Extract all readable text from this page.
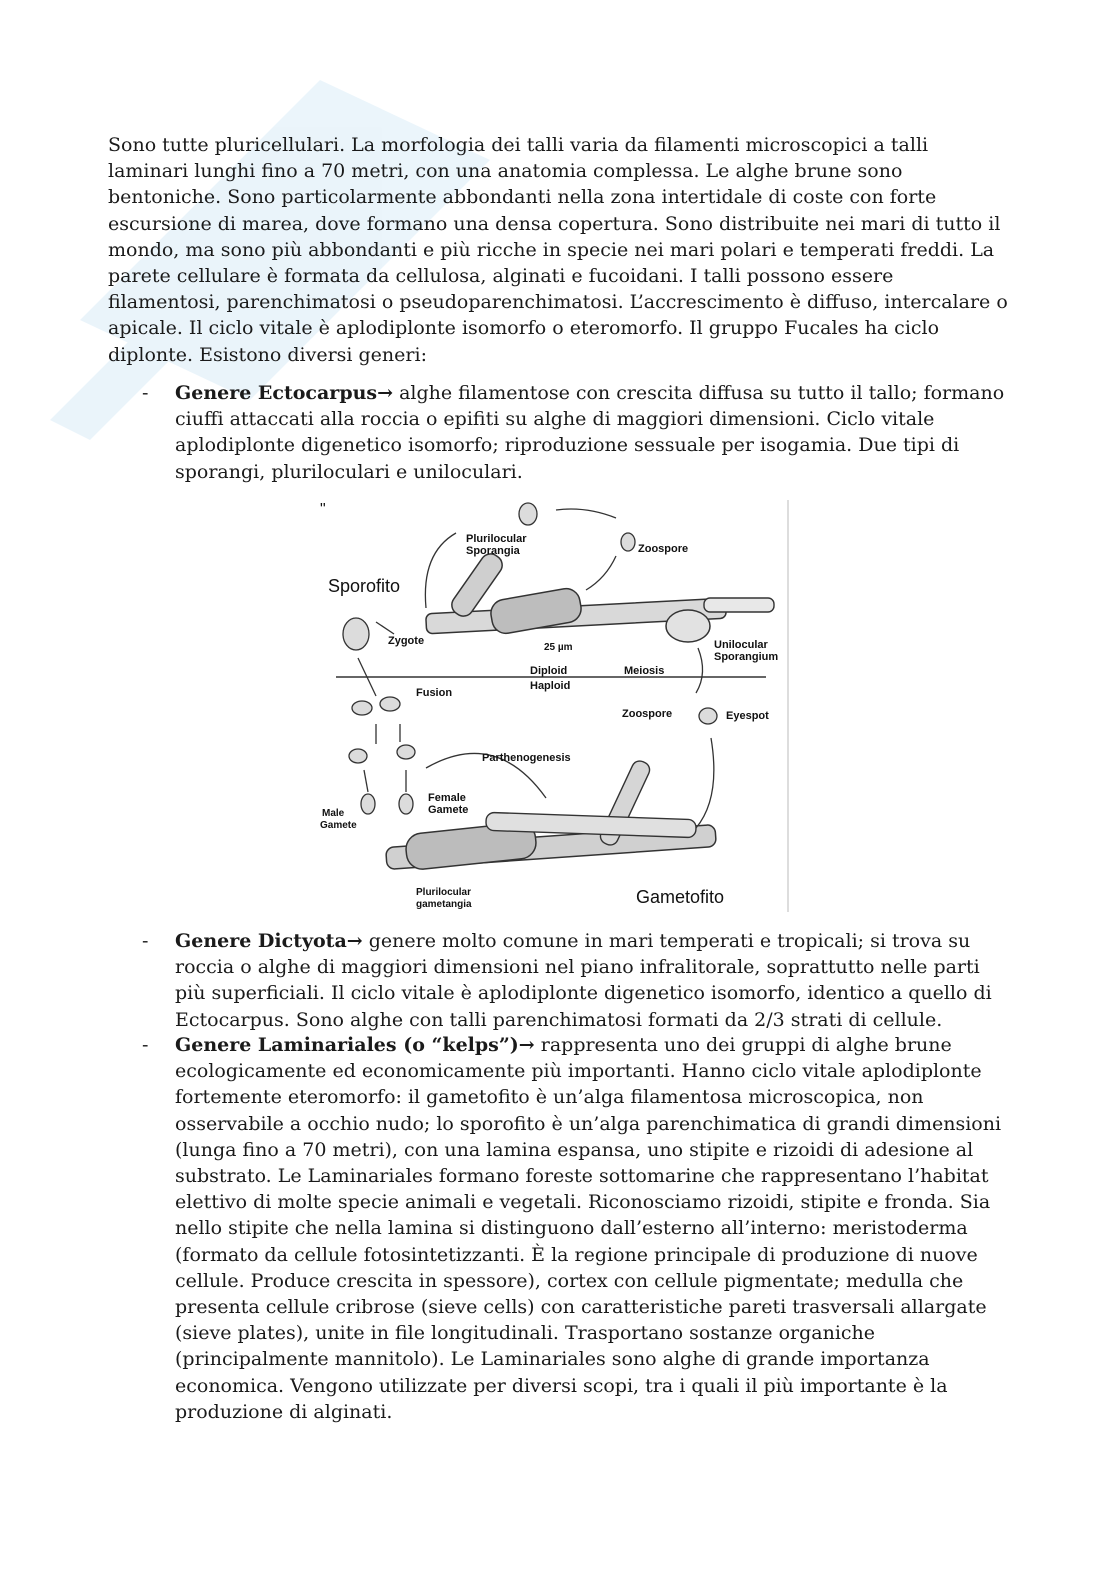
Sono tutte pluricellulari. La morfologia dei talli varia da filamenti microscopici a talli laminari lunghi fino a 70 metri, con una anatomia complessa. Le alghe brune sono bentoniche. Sono particolarmente abbondanti nella zona intertidale di coste con forte escursione di marea, dove formano una densa copertura. Sono distribuite nei mari di tutto il mondo, ma sono più abbondanti e più ricche in specie nei mari polari e temperati freddi. La parete cellulare è formata da cellulosa, alginati e fucoidani. I talli possono essere filamentosi, parenchimatosi o pseudoparenchimatosi. L’accrescimento è diffuso, intercalare o apicale. Il ciclo vitale è aplodiplonte isomorfo o eteromorfo. Il gruppo Fucales ha ciclo diplonte. Esistono diversi generi:

- Genere Ectocarpus→ alghe filamentose con crescita diffusa su tutto il tallo; formano ciuffi attaccati alla roccia o epifiti su alghe di maggiori dimensioni. Ciclo vitale aplodiplonte digenetico isomorfo; riproduzione sessuale per isogamia. Due tipi di sporangi, pluriloculari e uniloculari.

"
Plurilocular
Sporangia	Zoospore
Sporofito
Zygote
25 µm	Unilocular
Sporangium
Diploid
Haploid
Meiosis
Fusion
Zoospore	Eyespot
Parthenogenesis
Male
Gamete
Female
Gamete
Plurilocular
gametangia	Gametofito
- Genere Dictyota→ genere molto comune in mari temperati e tropicali; si trova su roccia o alghe di maggiori dimensioni nel piano infralitorale, soprattutto nelle parti più superficiali. Il ciclo vitale è aplodiplonte digenetico isomorfo, identico a quello di Ectocarpus. Sono alghe con talli parenchimatosi formati da 2/3 strati di cellule.

- Genere Laminariales (o “kelps”)→ rappresenta uno dei gruppi di alghe brune ecologicamente ed economicamente più importanti. Hanno ciclo vitale aplodiplonte fortemente eteromorfo: il gametofito è un’alga filamentosa microscopica, non osservabile a occhio nudo; lo sporofito è un’alga parenchimatica di grandi dimensioni (lunga fino a 70 metri), con una lamina espansa, uno stipite e rizoidi di adesione al substrato. Le Laminariales formano foreste sottomarine che rappresentano l’habitat elettivo di molte specie animali e vegetali. Riconosciamo rizoidi, stipite e fronda. Sia nello stipite che nella lamina si distinguono dall’esterno all’interno: meristoderma (formato da cellule fotosintetizzanti. È la regione principale di produzione di nuove cellule. Produce crescita in spessore), cortex con cellule pigmentate; medulla che presenta cellule cribrose (sieve cells) con caratteristiche pareti trasversali allargate (sieve plates), unite in file longitudinali. Trasportano sostanze organiche (principalmente mannitolo). Le Laminariales sono alghe di grande importanza economica. Vengono utilizzate per diversi scopi, tra i quali il più importante è la produzione di alginati.
